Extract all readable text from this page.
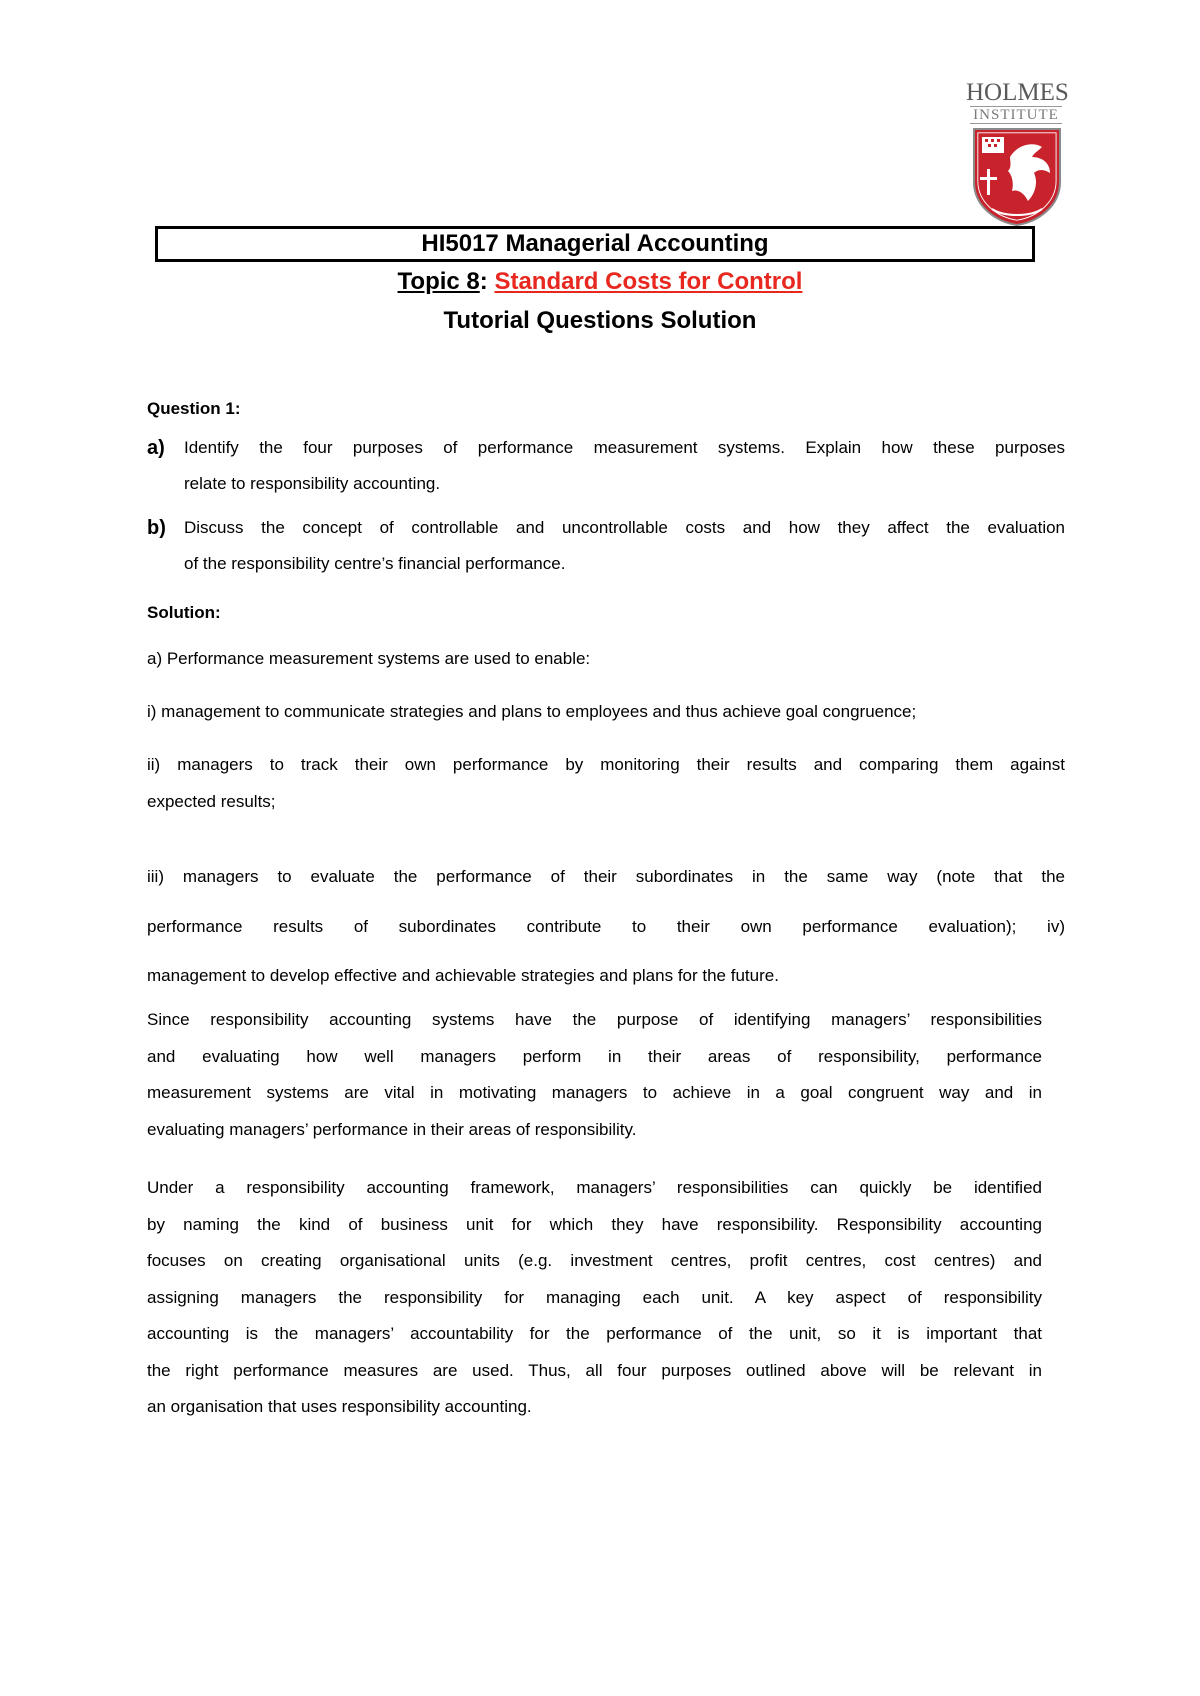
HOLMES
INSTITUTE
HI5017 Managerial Accounting
Topic 8: Standard Costs for Control
Tutorial Questions Solution
Question 1:
a) Identify the four purposes of performance measurement systems. Explain how these purposes
relate to responsibility accounting.
b) Discuss the concept of controllable and uncontrollable costs and how they affect the evaluation
of the responsibility centre’s financial performance.
Solution:
a) Performance measurement systems are used to enable:
i) management to communicate strategies and plans to employees and thus achieve goal congruence;
ii) managers to track their own performance by monitoring their results and comparing them against
expected results;
iii) managers to evaluate the performance of their subordinates in the same way (note that the
performance results of subordinates contribute to their own performance evaluation); iv)
management to develop effective and achievable strategies and plans for the future.
Since responsibility accounting systems have the purpose of identifying managers’ responsibilities
and evaluating how well managers perform in their areas of responsibility, performance
measurement systems are vital in motivating managers to achieve in a goal congruent way and in
evaluating managers’ performance in their areas of responsibility.
Under a responsibility accounting framework, managers’ responsibilities can quickly be identified
by naming the kind of business unit for which they have responsibility. Responsibility accounting
focuses on creating organisational units (e.g. investment centres, profit centres, cost centres) and
assigning managers the responsibility for managing each unit. A key aspect of responsibility
accounting is the managers’ accountability for the performance of the unit, so it is important that
the right performance measures are used. Thus, all four purposes outlined above will be relevant in
an organisation that uses responsibility accounting.
